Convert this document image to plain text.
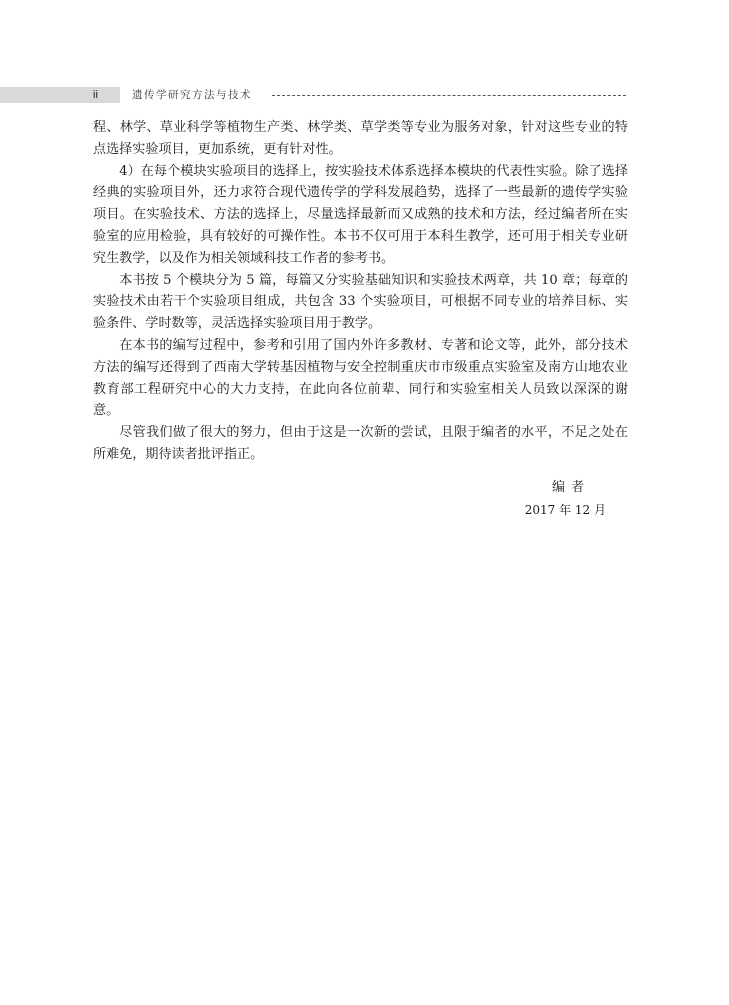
ii	遗传学研究方法与技术

程、林学、草业科学等植物生产类、林学类、草学类等专业为服务对象，针对这些专业的特点选择实验项目，更加系统，更有针对性。

4）在每个模块实验项目的选择上，按实验技术体系选择本模块的代表性实验。除了选择经典的实验项目外，还力求符合现代遗传学的学科发展趋势，选择了一些最新的遗传学实验项目。在实验技术、方法的选择上，尽量选择最新而又成熟的技术和方法，经过编者所在实验室的应用检验，具有较好的可操作性。本书不仅可用于本科生教学，还可用于相关专业研究生教学，以及作为相关领域科技工作者的参考书。

本书按 5 个模块分为 5 篇，每篇又分实验基础知识和实验技术两章，共 10 章；每章的实验技术由若干个实验项目组成，共包含 33 个实验项目，可根据不同专业的培养目标、实验条件、学时数等，灵活选择实验项目用于教学。

在本书的编写过程中，参考和引用了国内外许多教材、专著和论文等，此外，部分技术方法的编写还得到了西南大学转基因植物与安全控制重庆市市级重点实验室及南方山地农业教育部工程研究中心的大力支持，在此向各位前辈、同行和实验室相关人员致以深深的谢意。

尽管我们做了很大的努力，但由于这是一次新的尝试，且限于编者的水平，不足之处在所难免，期待读者批评指正。

编者
2017 年 12 月
